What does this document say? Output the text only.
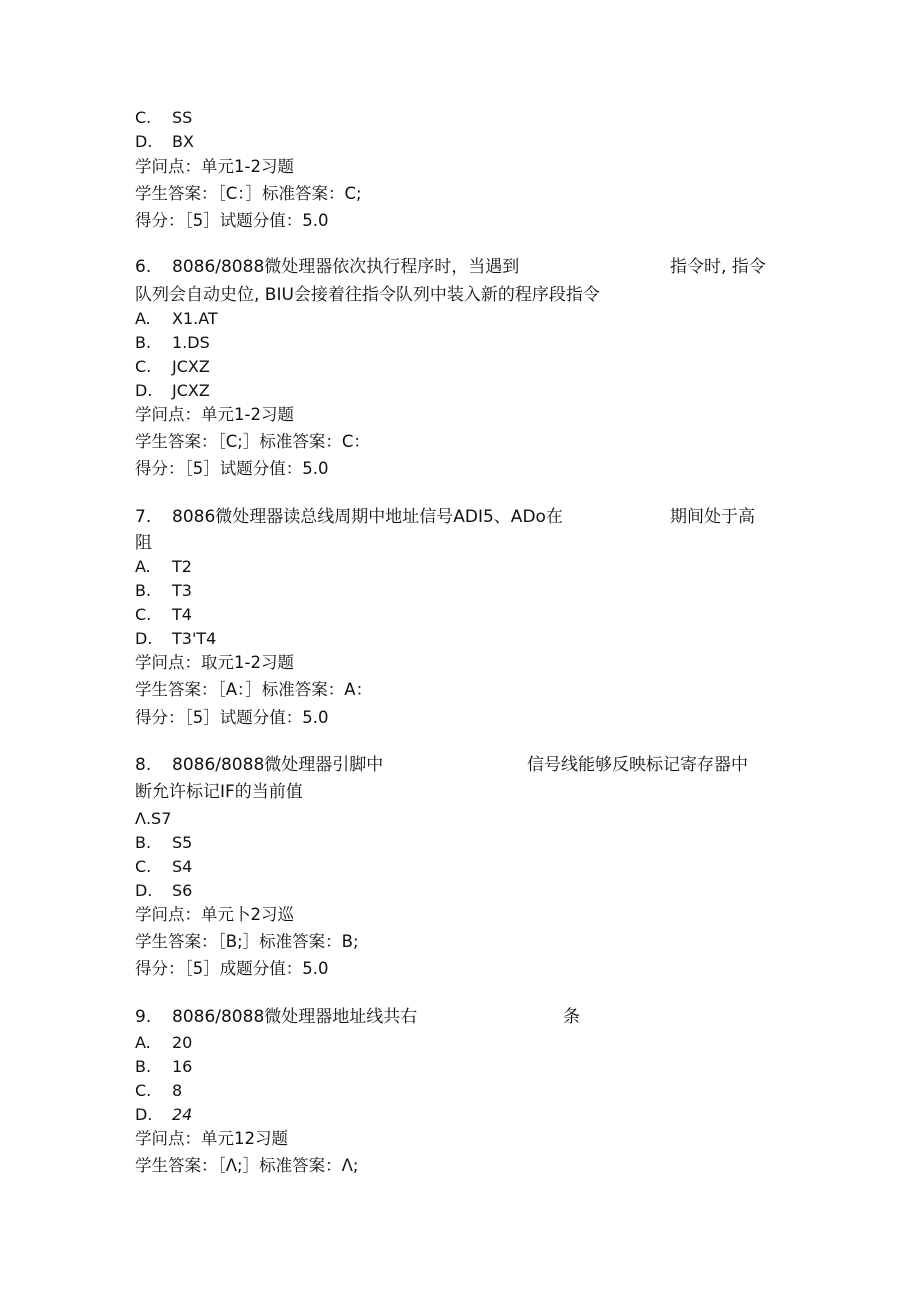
C. SS
D. BX
学问点：单元1-2习题
学生答案：［C：］标准答案：C;
得分：［5］试题分值：5.0
6. 8086/8088微处理器依次执行程序时，当遇到	指令时, 指令
队列会自动史位, BIU会接着往指令队列中装入新的程序段指令
A. X1.AT
B. 1.DS
C. JCXZ
D. JCXZ
学问点：单元1-2习题
学生答案：［C;］标准答案：C：
得分：［5］试题分值：5.0
7. 8086微处理器读总线周期中地址信号ADI5、ADo在	期间处于高
阻
A. T2
B. T3
C. T4
D. T3'T4
学问点：取元1-2习题
学生答案：［A：］标准答案：A：
得分：［5］试题分值：5.0
8. 8086/8088微处理器引脚中	信号线能够反映标记寄存器中
断允许标记IF的当前值
Λ.S7
B. S5
C. S4
D. S6
学问点：单元卜2习巡
学生答案：［B;］标准答案：B;
得分：［5］成题分值：5.0
9. 8086/8088微处理器地址线共右	条
A. 20
B. 16
C. 8
D. 24
学问点：单元12习题
学生答案：［Λ;］标准答案：Λ;
